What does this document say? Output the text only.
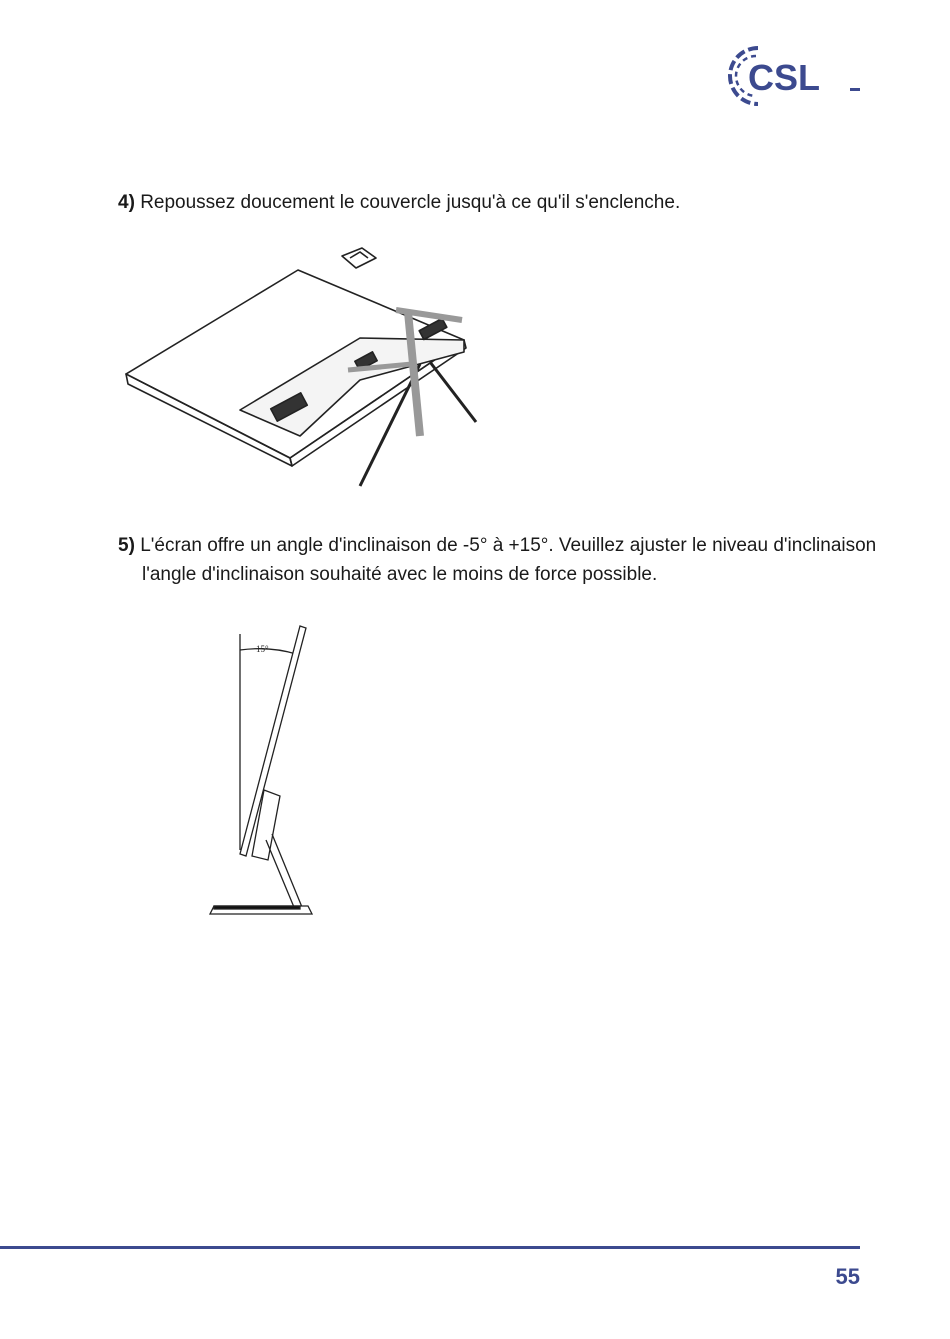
CSL

4) Repoussez doucement le couvercle jusqu'à ce qu'il s'enclenche.

5) L'écran offre un angle d'inclinaison de -5° à +15°. Veuillez ajuster le niveau d'inclinaison
l'angle d'inclinaison souhaité avec le moins de force possible.

15°
55
